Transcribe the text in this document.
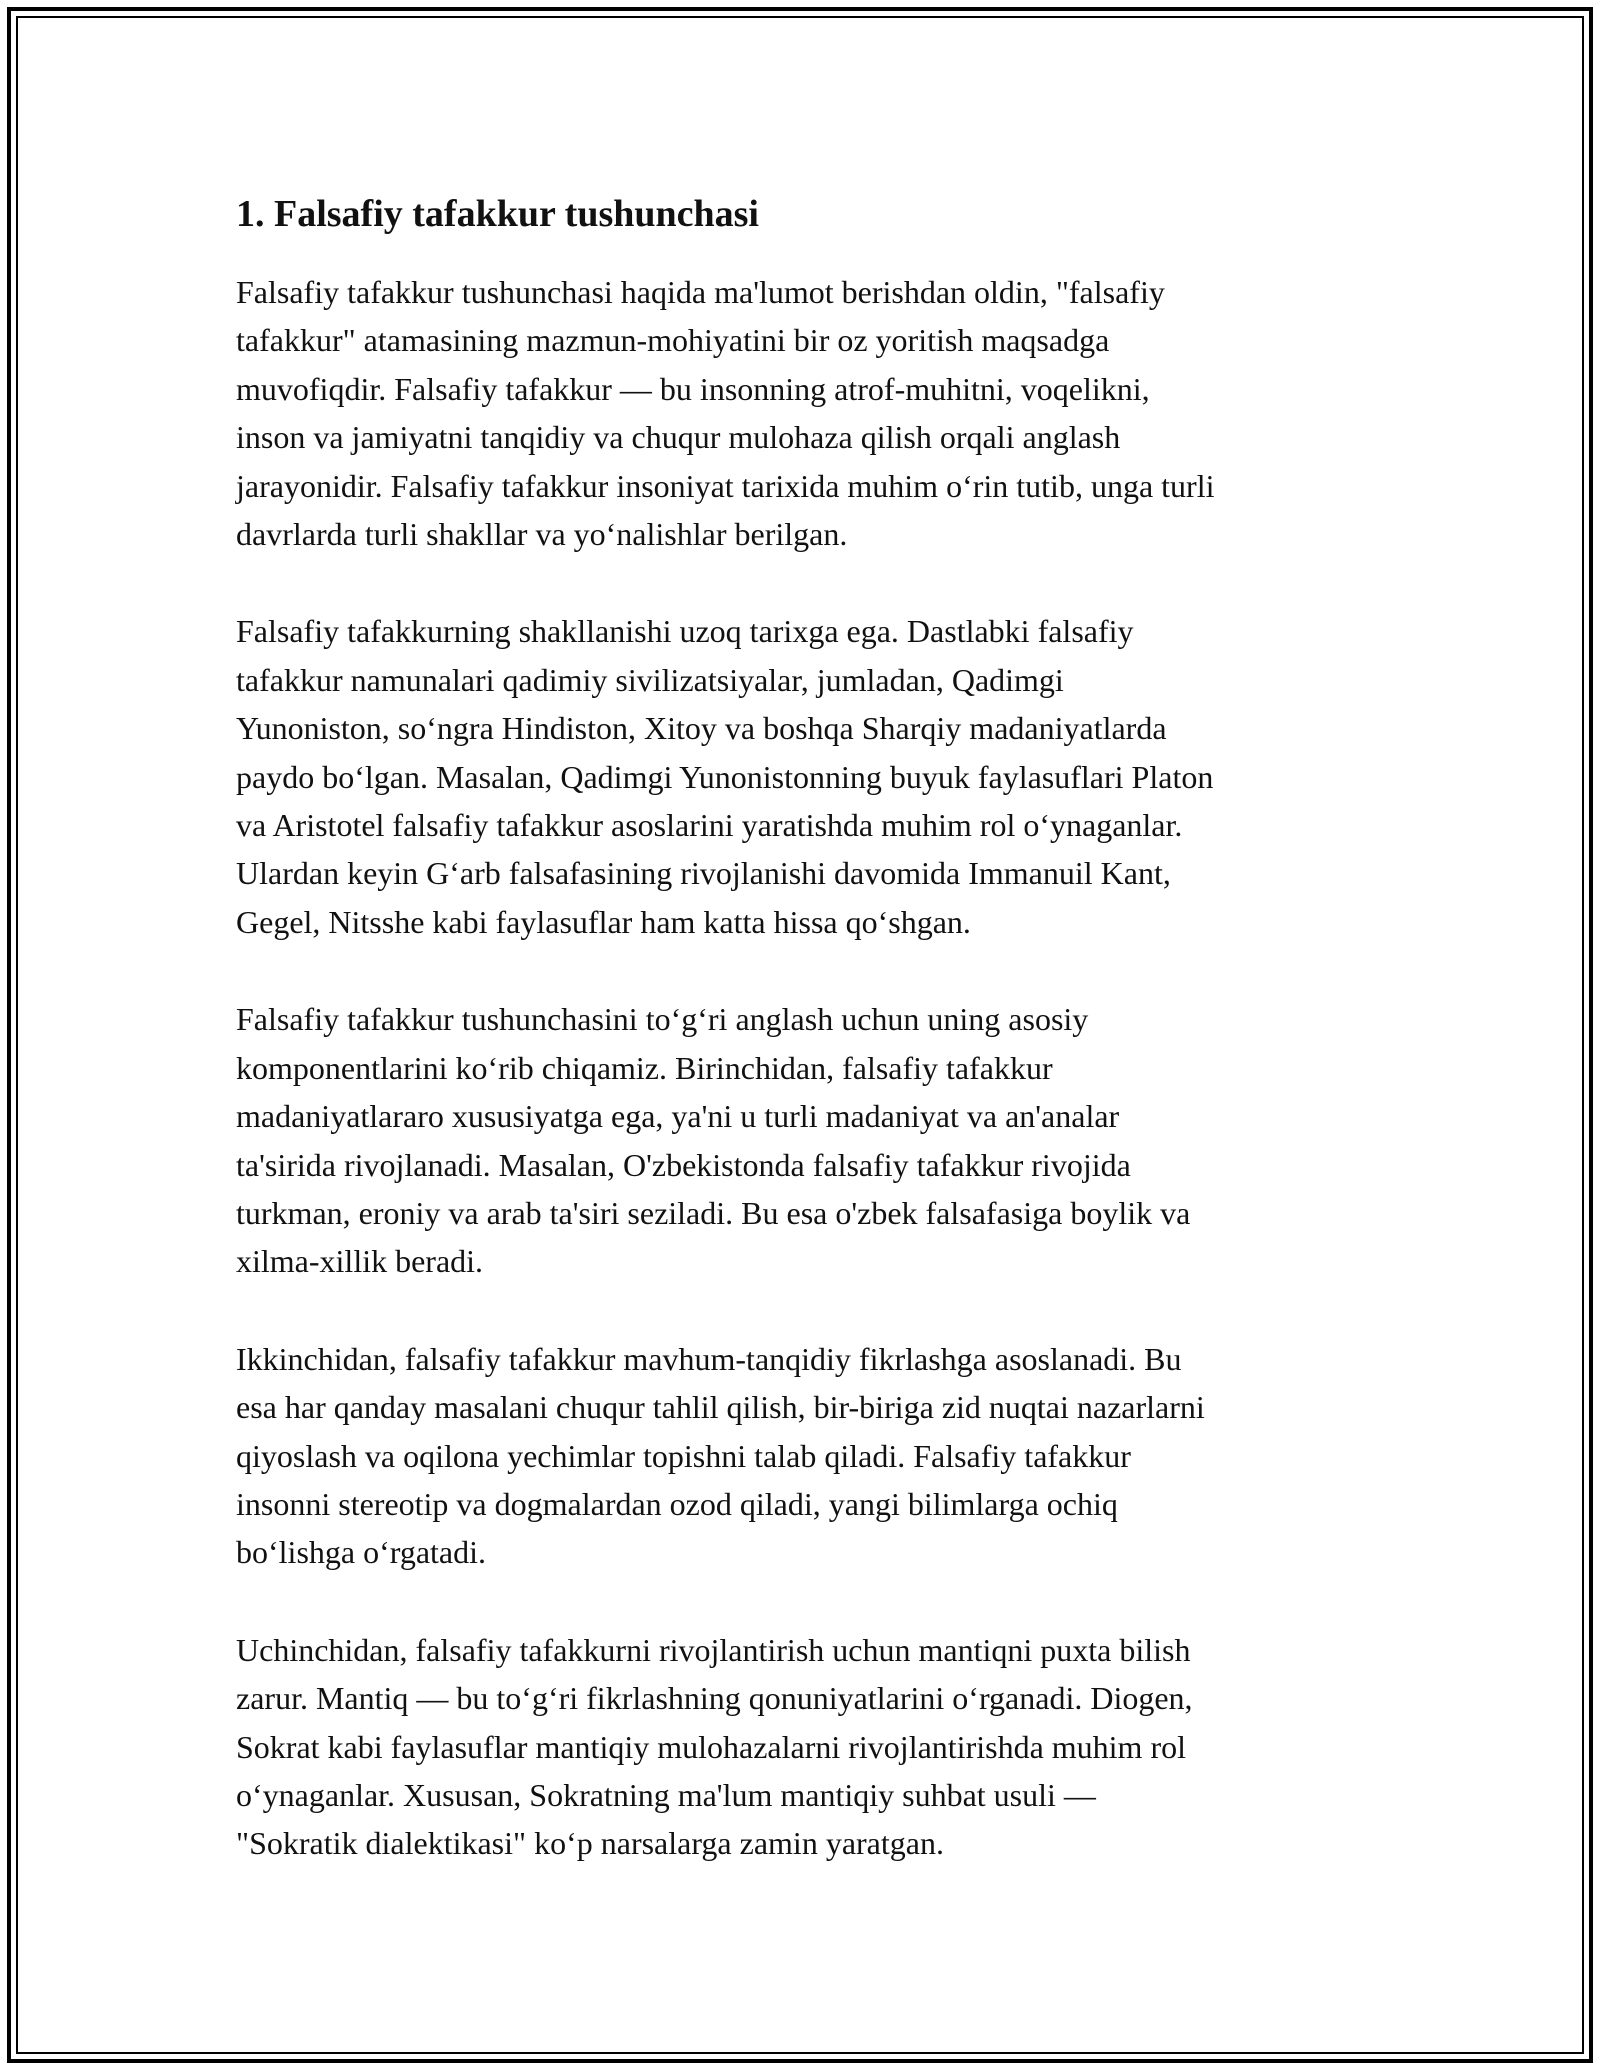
1. Falsafiy tafakkur tushunchasi

Falsafiy tafakkur tushunchasi haqida ma'lumot berishdan oldin, "falsafiy
tafakkur" atamasining mazmun-mohiyatini bir oz yoritish maqsadga
muvofiqdir. Falsafiy tafakkur — bu insonning atrof-muhitni, voqelikni,
inson va jamiyatni tanqidiy va chuqur mulohaza qilish orqali anglash
jarayonidir. Falsafiy tafakkur insoniyat tarixida muhim oʻrin tutib, unga turli
davrlarda turli shakllar va yoʻnalishlar berilgan.

Falsafiy tafakkurning shakllanishi uzoq tarixga ega. Dastlabki falsafiy
tafakkur namunalari qadimiy sivilizatsiyalar, jumladan, Qadimgi
Yunoniston, soʻngra Hindiston, Xitoy va boshqa Sharqiy madaniyatlarda
paydo boʻlgan. Masalan, Qadimgi Yunonistonning buyuk faylasuflari Platon
va Aristotel falsafiy tafakkur asoslarini yaratishda muhim rol oʻynaganlar.
Ulardan keyin Gʻarb falsafasining rivojlanishi davomida Immanuil Kant,
Gegel, Nitsshe kabi faylasuflar ham katta hissa qoʻshgan.

Falsafiy tafakkur tushunchasini toʻgʻri anglash uchun uning asosiy
komponentlarini koʻrib chiqamiz. Birinchidan, falsafiy tafakkur
madaniyatlararo xususiyatga ega, ya'ni u turli madaniyat va an'analar
ta'sirida rivojlanadi. Masalan, O'zbekistonda falsafiy tafakkur rivojida
turkman, eroniy va arab ta'siri seziladi. Bu esa o'zbek falsafasiga boylik va
xilma-xillik beradi.

Ikkinchidan, falsafiy tafakkur mavhum-tanqidiy fikrlashga asoslanadi. Bu
esa har qanday masalani chuqur tahlil qilish, bir-biriga zid nuqtai nazarlarni
qiyoslash va oqilona yechimlar topishni talab qiladi. Falsafiy tafakkur
insonni stereotip va dogmalardan ozod qiladi, yangi bilimlarga ochiq
boʻlishga oʻrgatadi.

Uchinchidan, falsafiy tafakkurni rivojlantirish uchun mantiqni puxta bilish
zarur. Mantiq — bu toʻgʻri fikrlashning qonuniyatlarini oʻrganadi. Diogen,
Sokrat kabi faylasuflar mantiqiy mulohazalarni rivojlantirishda muhim rol
oʻynaganlar. Xususan, Sokratning ma'lum mantiqiy suhbat usuli —
"Sokratik dialektikasi" koʻp narsalarga zamin yaratgan.
